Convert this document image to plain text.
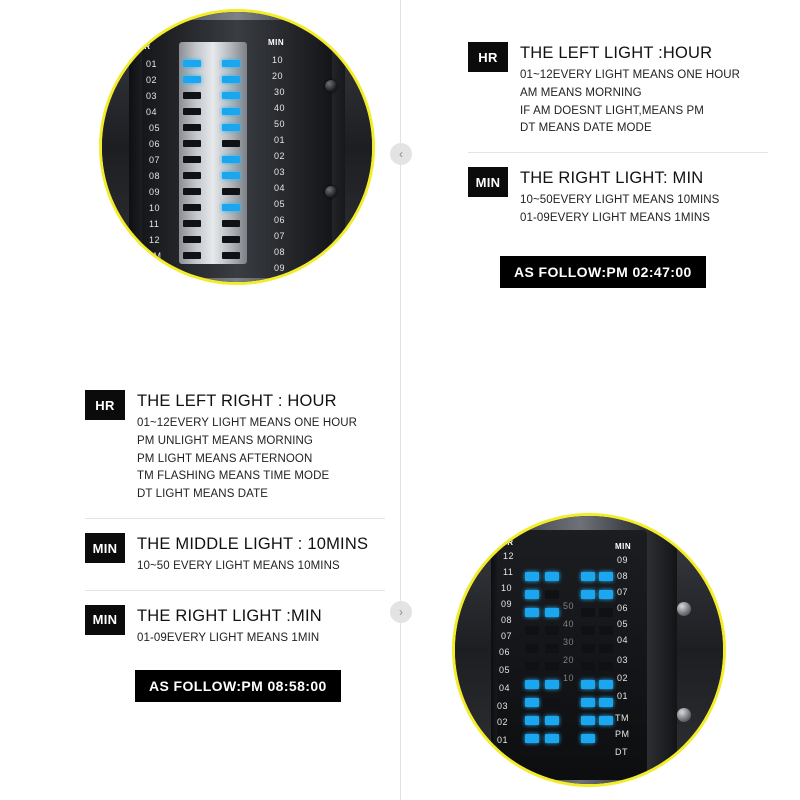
HR	MIN
01
02
03
04
05
06
07
08
09
10
11
12
AM
DT
10
20
30
40
50
01
02
03
04
05
06
07
08
09
‹
HR	THE LEFT LIGHT :HOUR
01~12EVERY LIGHT MEANS ONE HOUR
AM MEANS MORNING
IF AM DOESNT LIGHT,MEANS PM
DT MEANS DATE MODE
MIN	THE RIGHT LIGHT: MIN
10~50EVERY LIGHT MEANS 10MINS
01-09EVERY LIGHT MEANS 1MINS
AS FOLLOW:PM 02:47:00
HR	THE LEFT RIGHT : HOUR
01~12EVERY LIGHT MEANS ONE HOUR
PM UNLIGHT MEANS MORNING
PM LIGHT MEANS AFTERNOON
TM FLASHING MEANS TIME MODE
DT LIGHT MEANS DATE
MIN	THE MIDDLE LIGHT : 10MINS
10~50 EVERY LIGHT MEANS 10MINS
MIN	THE RIGHT LIGHT :MIN
01-09EVERY LIGHT MEANS 1MIN
AS FOLLOW:PM 08:58:00
›
HR	MIN
12
11
10
09
08
07
06
05
04
03
02
01
09
08
07
06
05
04
03
02
01
TM
PM
DT
50
40
30
20
10
